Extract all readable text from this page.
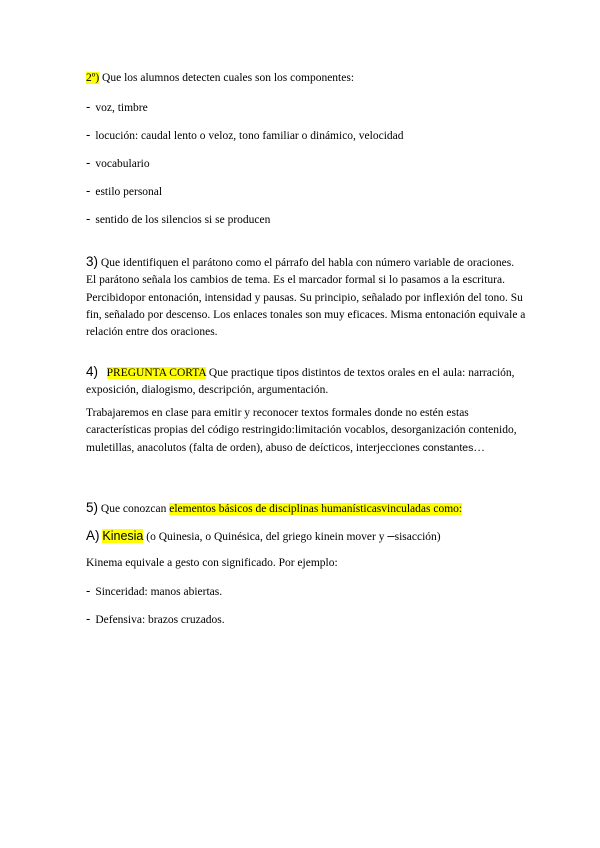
2º) Que los alumnos detecten cuales son los componentes:
- voz, timbre
- locución: caudal lento o veloz, tono familiar o dinámico, velocidad
- vocabulario
- estilo personal
- sentido de los silencios si se producen
3) Que identifiquen el parátono como el párrafo del habla con número variable de oraciones. El parátono señala los cambios de tema. Es el marcador formal si lo pasamos a la escritura. Percibidopor entonación, intensidad y pausas. Su principio, señalado por inflexión del tono. Su fin, señalado por descenso. Los enlaces tonales son muy eficaces. Misma entonación equivale a relación entre dos oraciones.
4) PREGUNTA CORTA Que practique tipos distintos de textos orales en el aula: narración, exposición, dialogismo, descripción, argumentación.
Trabajaremos en clase para emitir y reconocer textos formales donde no estén estas características propias del código restringido:limitación vocablos, desorganización contenido, muletillas, anacolutos (falta de orden), abuso de deícticos, interjecciones constantes…
5) Que conozcan elementos básicos de disciplinas humanísticasvinculadas como:
A) Kinesia (o Quinesia, o Quinésica, del griego kinein mover y –sisacción)
Kinema equivale a gesto con significado. Por ejemplo:
- Sinceridad: manos abiertas.
- Defensiva: brazos cruzados.
